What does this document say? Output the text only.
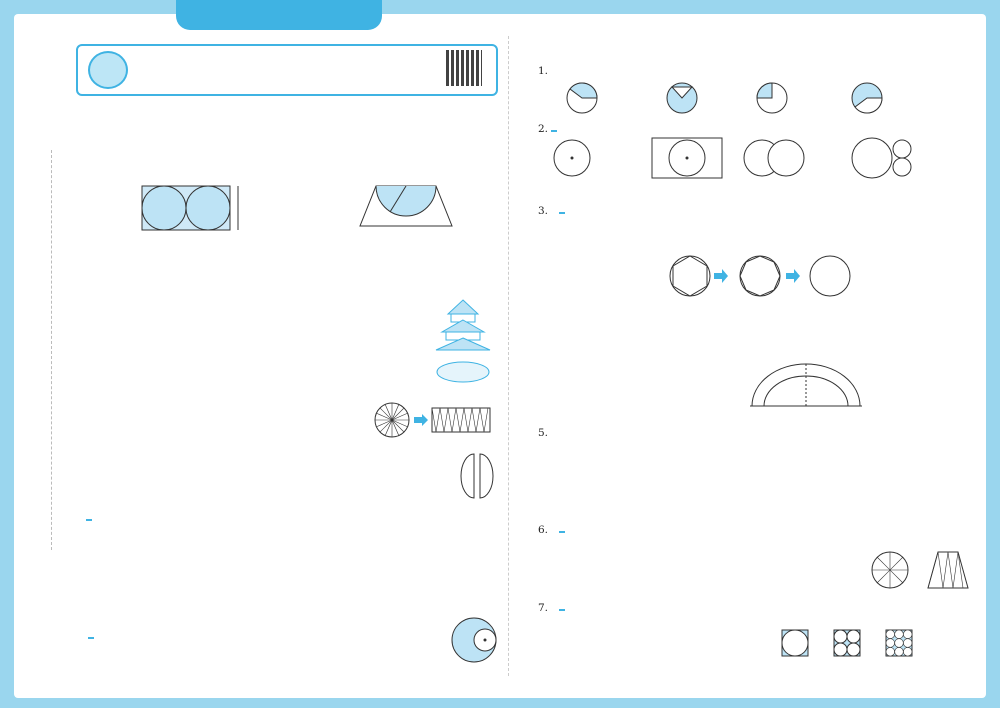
1.
2.
3.
5.
6.
7.
